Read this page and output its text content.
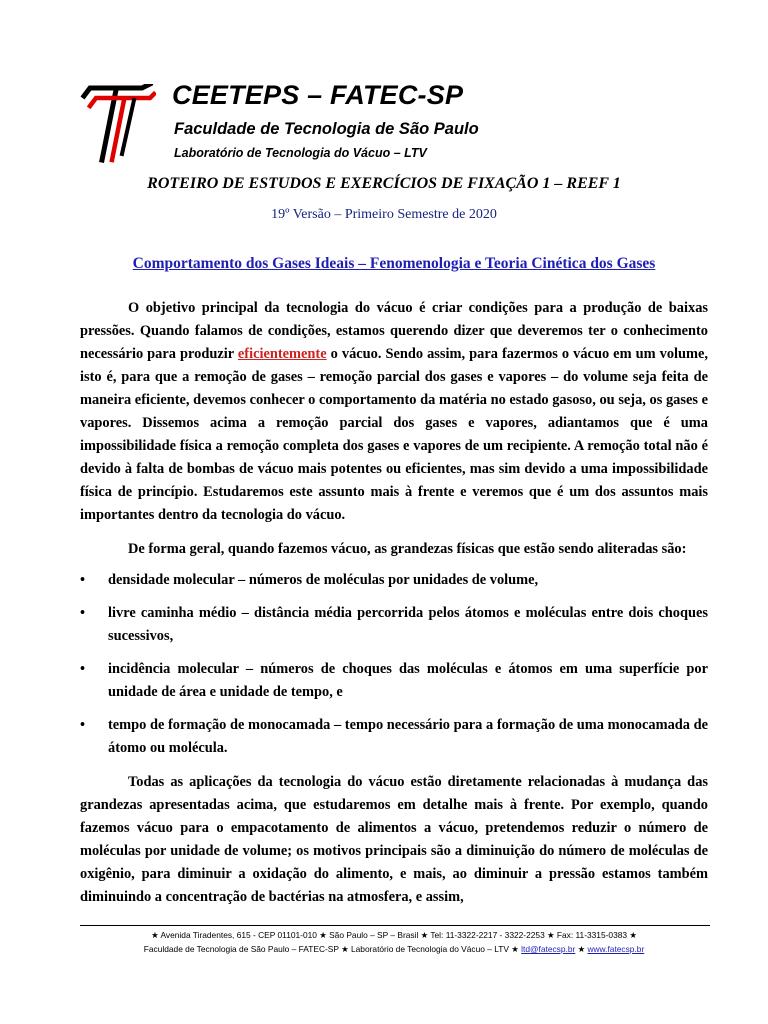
CEETEPS – FATEC-SP
Faculdade de Tecnologia de São Paulo
Laboratório de Tecnologia do Vácuo – LTV
ROTEIRO DE ESTUDOS E EXERCÍCIOS DE FIXAÇÃO 1 – REEF 1
19º Versão – Primeiro Semestre de 2020
Comportamento dos Gases Ideais – Fenomenologia e Teoria Cinética dos Gases

O objetivo principal da tecnologia do vácuo é criar condições para a produção de baixas pressões. Quando falamos de condições, estamos querendo dizer que deveremos ter o conhecimento necessário para produzir eficientemente o vácuo. Sendo assim, para fazermos o vácuo em um volume, isto é, para que a remoção de gases – remoção parcial dos gases e vapores – do volume seja feita de maneira eficiente, devemos conhecer o comportamento da matéria no estado gasoso, ou seja, os gases e vapores. Dissemos acima a remoção parcial dos gases e vapores, adiantamos que é uma impossibilidade física a remoção completa dos gases e vapores de um recipiente. A remoção total não é devido à falta de bombas de vácuo mais potentes ou eficientes, mas sim devido a uma impossibilidade física de princípio. Estudaremos este assunto mais à frente e veremos que é um dos assuntos mais importantes dentro da tecnologia do vácuo.

De forma geral, quando fazemos vácuo, as grandezas físicas que estão sendo aliteradas são:

• densidade molecular – números de moléculas por unidades de volume,
• livre caminha médio – distância média percorrida pelos átomos e moléculas entre dois choques sucessivos,
• incidência molecular – números de choques das moléculas e átomos em uma superfície por unidade de área e unidade de tempo, e
• tempo de formação de monocamada – tempo necessário para a formação de uma monocamada de átomo ou molécula.

Todas as aplicações da tecnologia do vácuo estão diretamente relacionadas à mudança das grandezas apresentadas acima, que estudaremos em detalhe mais à frente. Por exemplo, quando fazemos vácuo para o empacotamento de alimentos a vácuo, pretendemos reduzir o número de moléculas por unidade de volume; os motivos principais são a diminuição do número de moléculas de oxigênio, para diminuir a oxidação do alimento, e mais, ao diminuir a pressão estamos também diminuindo a concentração de bactérias na atmosfera, e assim,

★ Avenida Tiradentes, 615 - CEP 01101-010 ★ São Paulo – SP – Brasil ★ Tel: 11-3322-2217 - 3322-2253 ★ Fax: 11-3315-0383 ★
Faculdade de Tecnologia de São Paulo – FATEC-SP ★ Laboratório de Tecnologia do Vácuo – LTV ★ ltd@fatecsp.br ★ www.fatecsp.br
